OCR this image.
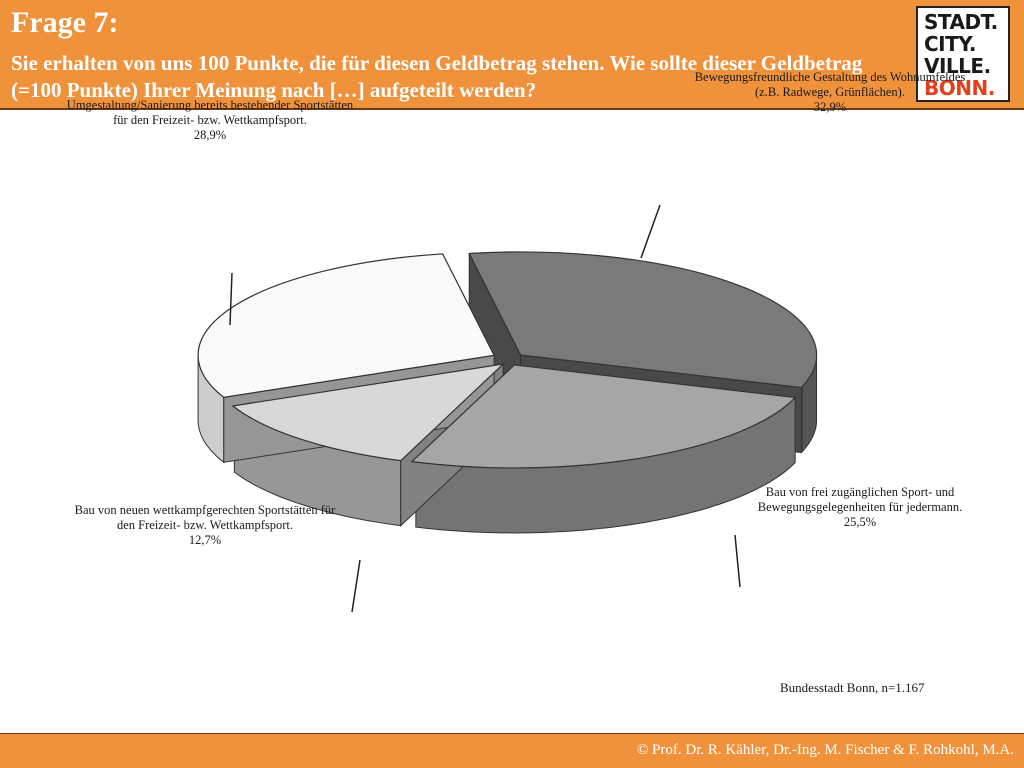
Frage 7:
Sie erhalten von uns 100 Punkte, die für diesen Geldbetrag stehen. Wie sollte dieser Geldbetrag (=100 Punkte) Ihrer Meinung nach […] aufgeteilt werden?
STADT.
CITY.
VILLE.
BONN.
Bewegungsfreundliche Gestaltung des Wohnumfeldes
(z.B. Radwege, Grünflächen).
32,9%
Bau von frei zugänglichen Sport- und
Bewegungsgelegenheiten für jedermann.
25,5%
Bau von neuen wettkampfgerechten Sportstätten für
den Freizeit- bzw. Wettkampfsport.
12,7%
Umgestaltung/Sanierung bereits bestehender Sportstätten
für den Freizeit- bzw. Wettkampfsport.
28,9%
Bundesstadt Bonn, n=1.167
© Prof. Dr. R. Kähler, Dr.-Ing. M. Fischer & F. Rohkohl, M.A.
